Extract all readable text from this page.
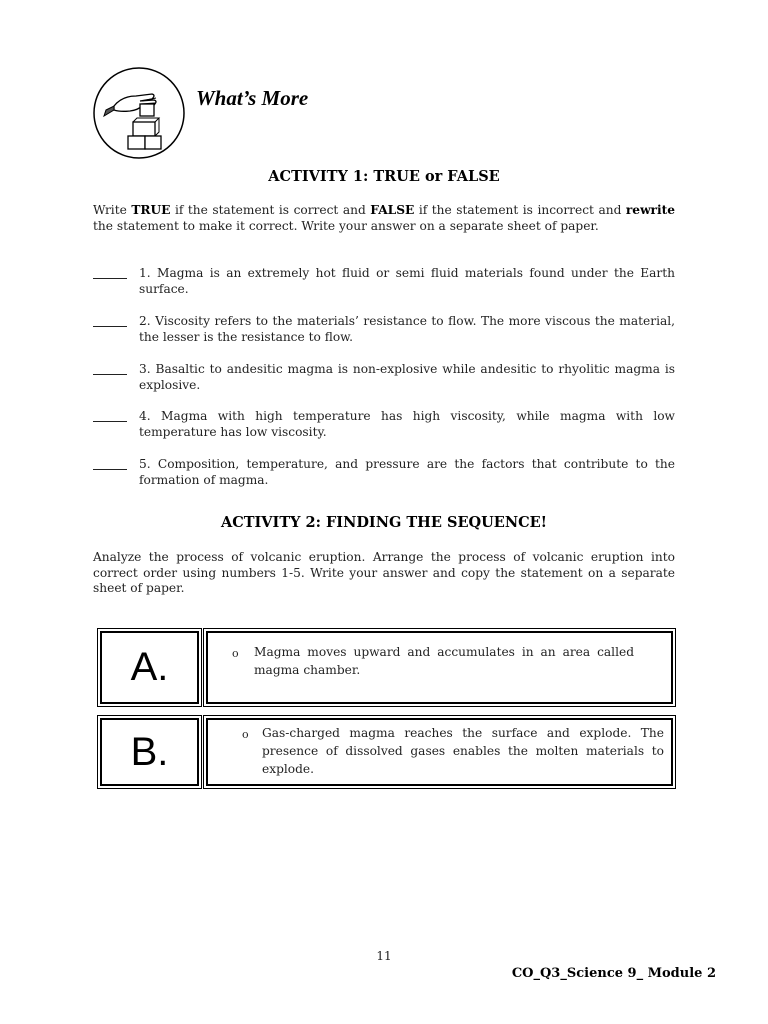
What’s More
ACTIVITY 1: TRUE or FALSE
Write TRUE if the statement is correct and FALSE if the statement is incorrect and rewrite the statement to make it correct. Write your answer on a separate sheet of paper.
1. Magma is an extremely hot fluid or semi fluid materials found under the Earth surface.
2. Viscosity refers to the materials’ resistance to flow. The more viscous the material, the lesser is the resistance to flow.
3. Basaltic to andesitic magma is non-explosive while andesitic to rhyolitic magma is explosive.
4. Magma with high temperature has high viscosity, while magma with low temperature has low viscosity.
5. Composition, temperature, and pressure are the factors that contribute to the formation of magma.
ACTIVITY 2: FINDING THE SEQUENCE!
Analyze the process of volcanic eruption. Arrange the process of volcanic eruption into correct order using numbers 1-5. Write your answer and copy the statement on a separate sheet of paper.
A.	o Magma moves upward and accumulates in an area called magma chamber.
B.	o Gas-charged magma reaches the surface and explode. The presence of dissolved gases enables the molten materials to explode.
11
CO_Q3_Science 9_ Module 2
